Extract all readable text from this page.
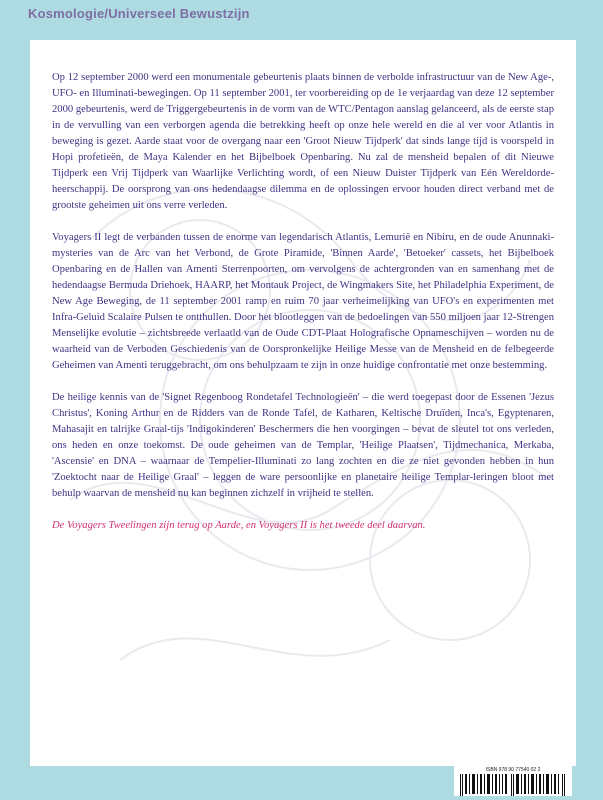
Kosmologie/Universeel Bewustzijn

Op 12 september 2000 werd een monumentale gebeurtenis plaats binnen de verbolde infrastructuur van de New Age-, UFO- en Illuminati-bewegingen. Op 11 september 2001, ter voorbereiding op de 1e verjaardag van deze 12 september 2000 gebeurtenis, werd de Triggergebeurtenis in de vorm van de WTC/Pentagon aanslag gelanceerd, als de eerste stap in de vervulling van een verborgen agenda die betrekking heeft op onze hele wereld en die al ver voor Atlantis in beweging is gezet. Aarde staat voor de overgang naar een 'Groot Nieuw Tijdperk' dat sinds lange tijd is voorspeld in Hopi profetieën, de Maya Kalender en het Bijbelboek Openbaring. Nu zal de mensheid bepalen of dit Nieuwe Tijdperk een Vrij Tijdperk van Waarlijke Verlichting wordt, of een Nieuw Duister Tijdperk van Eén Wereldorde-heerschappij. De oorsprong van ons hedendaagse dilemma en de oplossingen ervoor houden direct verband met de grootste geheimen uit ons verre verleden.

Voyagers II legt de verbanden tussen de enorme van legendarisch Atlantis, Lemurië en Nibiru, en de oude Anunnaki-mysteries van de Arc van het Verbond, de Grote Piramide, 'Binnen Aarde', 'Betoeker' cassets, het Bijbelboek Openbaring en de Hallen van Amenti Sterrenpoorten, om vervolgens de achtergronden van en samenhang met de hedendaagse Bermuda Driehoek, HAARP, het Montauk Project, de Wingmakers Site, het Philadelphia Experiment, de New Age Beweging, de 11 september 2001 ramp en ruim 70 jaar verheimelijking van UFO's en experimenten met Infra-Geluid Scalaire Pulsen te ontthullen. Door het blootleggen van de bedoelingen van 550 miljoen jaar 12-Strengen Menselijke evolutie – zichtsbreede verlaatld van de Oude CDT-Plaat Holografische Opnameschijven – worden nu de waarheid van de Verboden Geschiedenis van de Oorspronkelijke Heilige Messe van de Mensheid en de felbegeerde Geheimen van Amenti teruggebracht, om ons behulpzaam te zijn in onze huidige confrontatie met onze bestemming.

De heilige kennis van de 'Signet Regenboog Rondetafel Technologieën' – die werd toegepast door de Essenen 'Jezus Christus', Koning Arthur en de Ridders van de Ronde Tafel, de Katharen, Keltische Druïden, Inca's, Egyptenaren, Mahasajit en talrijke Graal-tijs 'Indigokinderen' Beschermers die hen voorgingen – bevat de sleutel tot ons verleden, ons heden en onze toekomst. De oude geheimen van de Templar, 'Heilige Plaatsen', Tijdmechanica, Merkaba, 'Ascensie' en DNA – waarnaar de Tempelier-Illuminati zo lang zochten en die ze niet gevonden hebben in hun 'Zoektocht naar de Heilige Graal' – leggen de ware persoonlijke en planetaire heilige Templar-leringen bloot met behulp waarvan de mensheid nu kan beginnen zichzelf in vrijheid te stellen.

De Voyagers Tweelingen zijn terug op Aarde, en Voyagers II is het tweede deel daarvan.

ISBN 978 90 77540 02 2
